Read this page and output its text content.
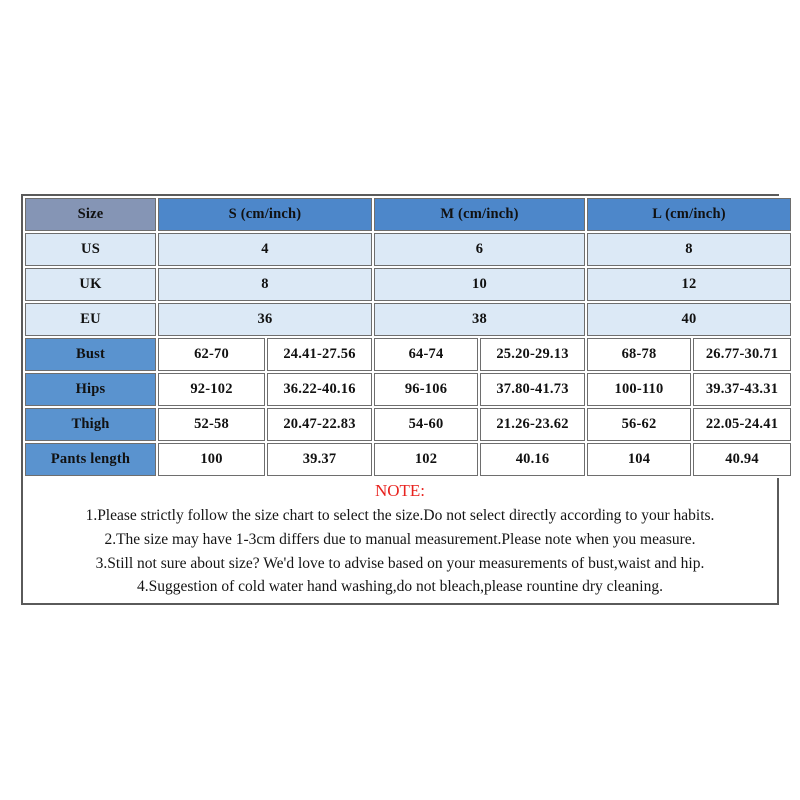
Size	S (cm/inch)		M (cm/inch)		L (cm/inch)	
US	4		6		8	
UK	8		10		12	
EU	36		38		40	
Bust	62-70	24.41-27.56	64-74	25.20-29.13	68-78	26.77-30.71
Hips	92-102	36.22-40.16	96-106	37.80-41.73	100-110	39.37-43.31
Thigh	52-58	20.47-22.83	54-60	21.26-23.62	56-62	22.05-24.41
Pants length	100	39.37	102	40.16	104	40.94

NOTE:

1.Please strictly follow the size chart to select the size.Do not select directly according to your habits.

2.The size may have 1-3cm differs due to manual measurement.Please note when you measure.

3.Still not sure about size? We'd love to advise based on your measurements of bust,waist and hip.

4.Suggestion of cold water hand washing,do not bleach,please rountine dry cleaning.
